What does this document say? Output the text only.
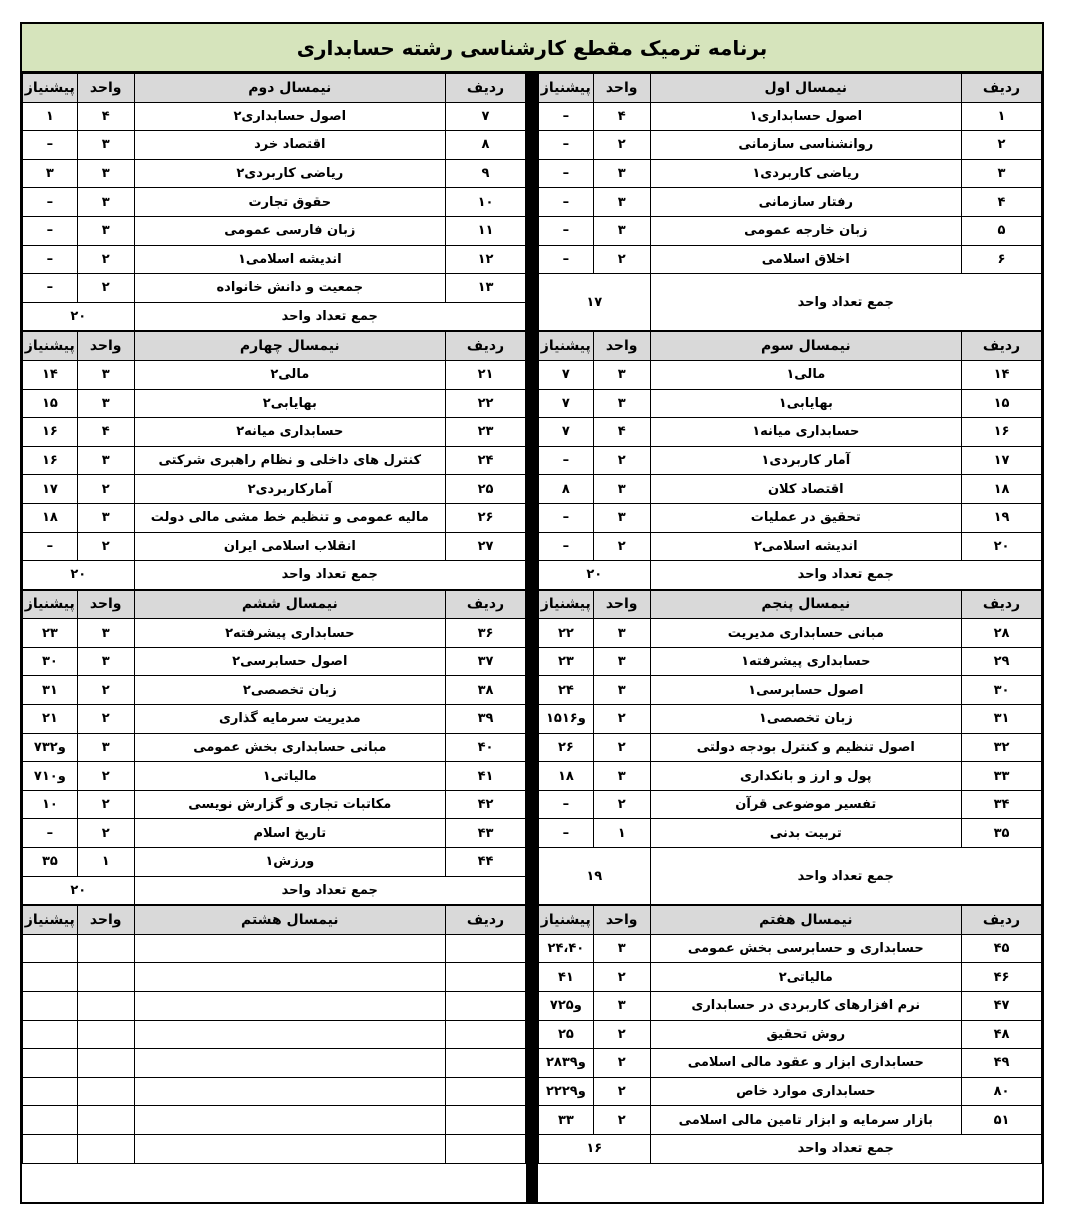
برنامه ترمیک مقطع کارشناسی رشته حسابداری
ردیف	نیمسال اول	واحد	پیشنیاز
۱	اصول حسابداری۱	۴	–
۲	روانشناسی سازمانی	۲	–
۳	ریاضی کاربردی۱	۳	–
۴	رفتار سازمانی	۳	–
۵	زبان خارجه عمومی	۳	–
۶	اخلاق اسلامی	۲	–
جمع تعداد واحد		۱۷	

ردیف	نیمسال سوم	واحد	پیشنیاز
۱۴	مالی۱	۳	۷
۱۵	بهایابی۱	۳	۷
۱۶	حسابداری میانه۱	۴	۷
۱۷	آمار کاربردی۱	۲	–
۱۸	اقتصاد کلان	۳	۸
۱۹	تحقیق در عملیات	۳	–
۲۰	اندیشه اسلامی۲	۲	–
جمع تعداد واحد		۲۰	
ردیف	نیمسال پنجم	واحد	پیشنیاز
۲۸	مبانی حسابداری مدیریت	۳	۲۲
۲۹	حسابداری پیشرفته۱	۳	۲۳
۳۰	اصول حسابرسی۱	۳	۲۴
۳۱	زبان تخصصی۱	۲	۱۵و۱۶
۳۲	اصول تنظیم و کنترل بودجه دولتی	۲	۲۶
۳۳	پول و ارز و بانکداری	۳	۱۸
۳۴	تفسیر موضوعی قرآن	۲	–
۳۵	تربیت بدنی	۱	–
جمع تعداد واحد		۱۹	

ردیف	نیمسال هفتم	واحد	پیشنیاز
۴۵	حسابداری و حسابرسی بخش عمومی	۳	۲۴،۴۰
۴۶	مالیاتی۲	۲	۴۱
۴۷	نرم افزارهای کاربردی در حسابداری	۳	۷و۲۵
۴۸	روش تحقیق	۲	۲۵
۴۹	حسابداری ابزار و عقود مالی اسلامی	۲	۲۸و۳۹
۸۰	حسابداری موارد خاص	۲	۲۲و۲۹
۵۱	بازار سرمایه و ابزار تامین مالی اسلامی	۲	۳۳
جمع تعداد واحد		۱۶	
ردیف	نیمسال دوم	واحد	پیشنیاز
۷	اصول حسابداری۲	۴	۱
۸	اقتصاد خرد	۳	–
۹	ریاضی کاربردی۲	۳	۳
۱۰	حقوق تجارت	۳	–
۱۱	زبان فارسی عمومی	۳	–
۱۲	اندیشه اسلامی۱	۲	–
۱۳	جمعیت و دانش خانواده	۲	–
جمع تعداد واحد		۲۰	
ردیف	نیمسال چهارم	واحد	پیشنیاز
۲۱	مالی۲	۳	۱۴
۲۲	بهایابی۲	۳	۱۵
۲۳	حسابداری میانه۲	۴	۱۶
۲۴	کنترل های داخلی و نظام راهبری شرکتی	۳	۱۶
۲۵	آمارکاربردی۲	۲	۱۷
۲۶	مالیه عمومی و تنظیم خط مشی مالی دولت	۳	۱۸
۲۷	انقلاب اسلامی ایران	۲	–
جمع تعداد واحد		۲۰	
ردیف	نیمسال ششم	واحد	پیشنیاز
۳۶	حسابداری پیشرفته۲	۳	۲۳
۳۷	اصول حسابرسی۲	۳	۳۰
۳۸	زبان تخصصی۲	۲	۳۱
۳۹	مدیریت سرمایه گذاری	۲	۲۱
۴۰	مبانی حسابداری بخش عمومی	۳	۷و۳۲
۴۱	مالیاتی۱	۲	۷و۱۰
۴۲	مکاتبات تجاری و گزارش نویسی	۲	۱۰
۴۳	تاریخ اسلام	۲	–
۴۴	ورزش۱	۱	۳۵
جمع تعداد واحد		۲۰	
ردیف	نیمسال هشتم	واحد	پیشنیاز
